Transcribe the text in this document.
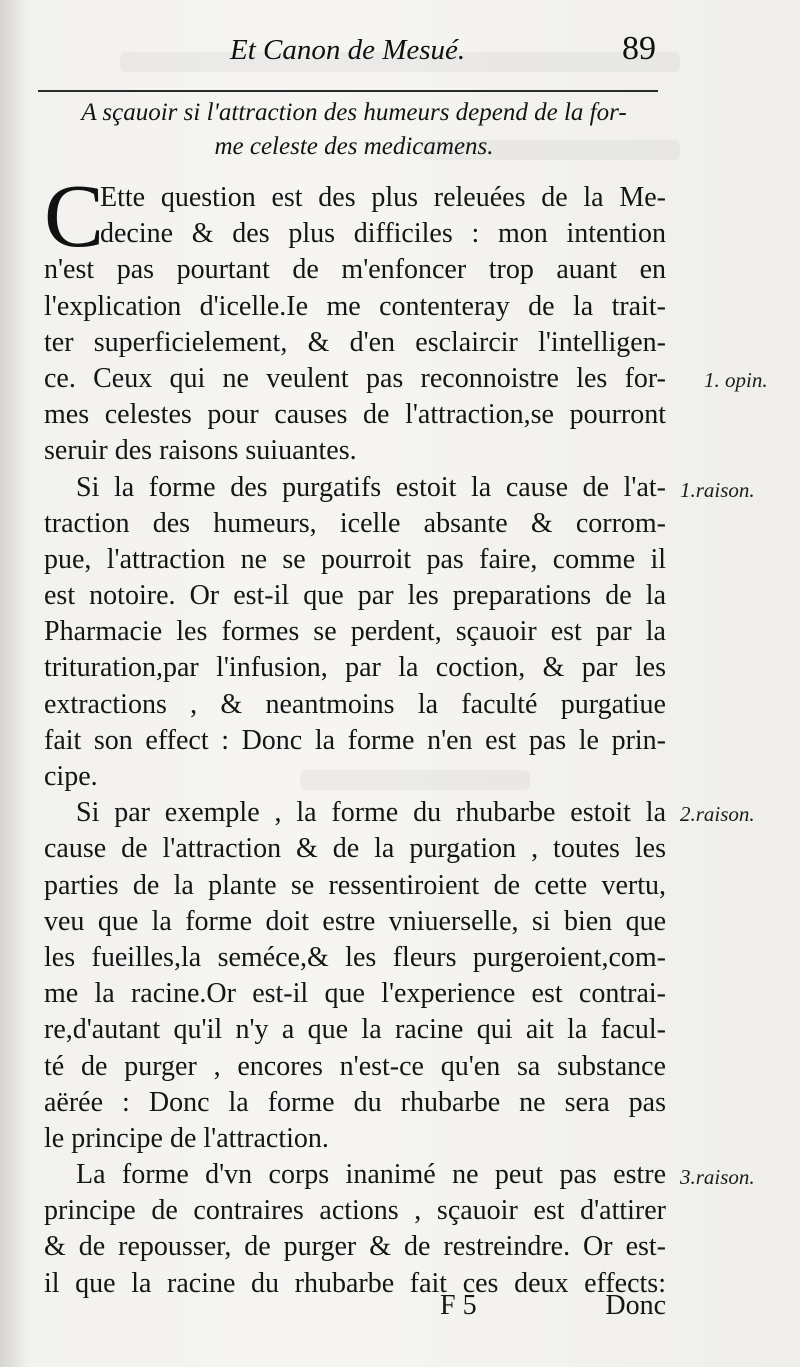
Et Canon de Mesué.	89
A sçauoir si l'attraction des humeurs depend de la for-
me celeste des medicamens.
C
Ette question est des plus releuées de la Me-
decine & des plus difficiles : mon intention
n'est pas pourtant de m'enfoncer trop auant en
l'explication d'icelle.Ie me contenteray de la trait-
ter superficielement, & d'en esclaircir l'intelligen-
ce. Ceux qui ne veulent pas reconnoistre les for-
mes celestes pour causes de l'attraction,se pourront
seruir des raisons suiuantes.
Si la forme des purgatifs estoit la cause de l'at-
traction des humeurs, icelle absante & corrom-
pue, l'attraction ne se pourroit pas faire, comme il
est notoire. Or est-il que par les preparations de la
Pharmacie les formes se perdent, sçauoir est par la
trituration,par l'infusion, par la coction, & par les
extractions , & neantmoins la faculté purgatiue
fait son effect : Donc la forme n'en est pas le prin-
cipe.
Si par exemple , la forme du rhubarbe estoit la
cause de l'attraction & de la purgation , toutes les
parties de la plante se ressentiroient de cette vertu,
veu que la forme doit estre vniuerselle, si bien que
les fueilles,la seméce,& les fleurs purgeroient,com-
me la racine.Or est-il que l'experience est contrai-
re,d'autant qu'il n'y a que la racine qui ait la facul-
té de purger , encores n'est-ce qu'en sa substance
aërée : Donc la forme du rhubarbe ne sera pas
le principe de l'attraction.
La forme d'vn corps inanimé ne peut pas estre
principe de contraires actions , sçauoir est d'attirer
& de repousser, de purger & de restreindre. Or est-
il que la racine du rhubarbe fait ces deux effects:
1. opin.
1.raison.
2.raison.
3.raison.
F 5	Donc
